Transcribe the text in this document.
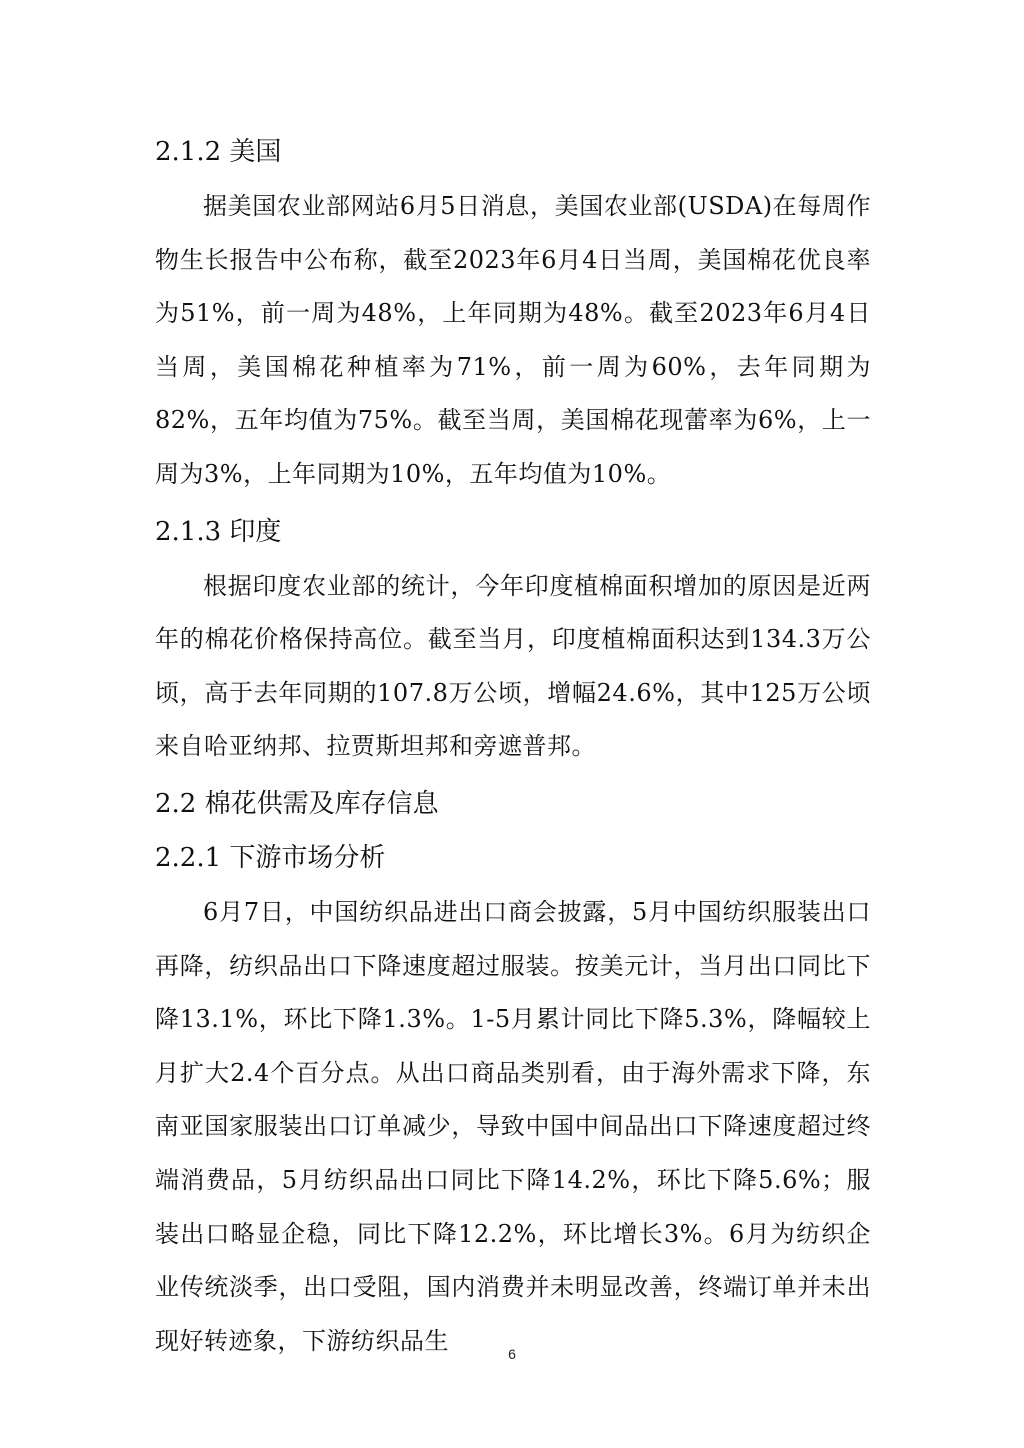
2.1.2 美国

据美国农业部网站6月5日消息，美国农业部(USDA)在每周作物生长报告中公布称，截至2023年6月4日当周，美国棉花优良率为51%，前一周为48%，上年同期为48%。截至2023年6月4日当周，美国棉花种植率为71%，前一周为60%，去年同期为82%，五年均值为75%。截至当周，美国棉花现蕾率为6%，上一周为3%，上年同期为10%，五年均值为10%。

2.1.3 印度

根据印度农业部的统计，今年印度植棉面积增加的原因是近两年的棉花价格保持高位。截至当月，印度植棉面积达到134.3万公顷，高于去年同期的107.8万公顷，增幅24.6%，其中125万公顷来自哈亚纳邦、拉贾斯坦邦和旁遮普邦。

2.2 棉花供需及库存信息
2.2.1 下游市场分析

6月7日，中国纺织品进出口商会披露，5月中国纺织服装出口再降，纺织品出口下降速度超过服装。按美元计，当月出口同比下降13.1%，环比下降1.3%。1-5月累计同比下降5.3%，降幅较上月扩大2.4个百分点。从出口商品类别看，由于海外需求下降，东南亚国家服装出口订单减少，导致中国中间品出口下降速度超过终端消费品，5月纺织品出口同比下降14.2%，环比下降5.6%；服装出口略显企稳，同比下降12.2%，环比增长3%。6月为纺织企业传统淡季，出口受阻，国内消费并未明显改善，终端订单并未出现好转迹象，下游纺织品生	6
